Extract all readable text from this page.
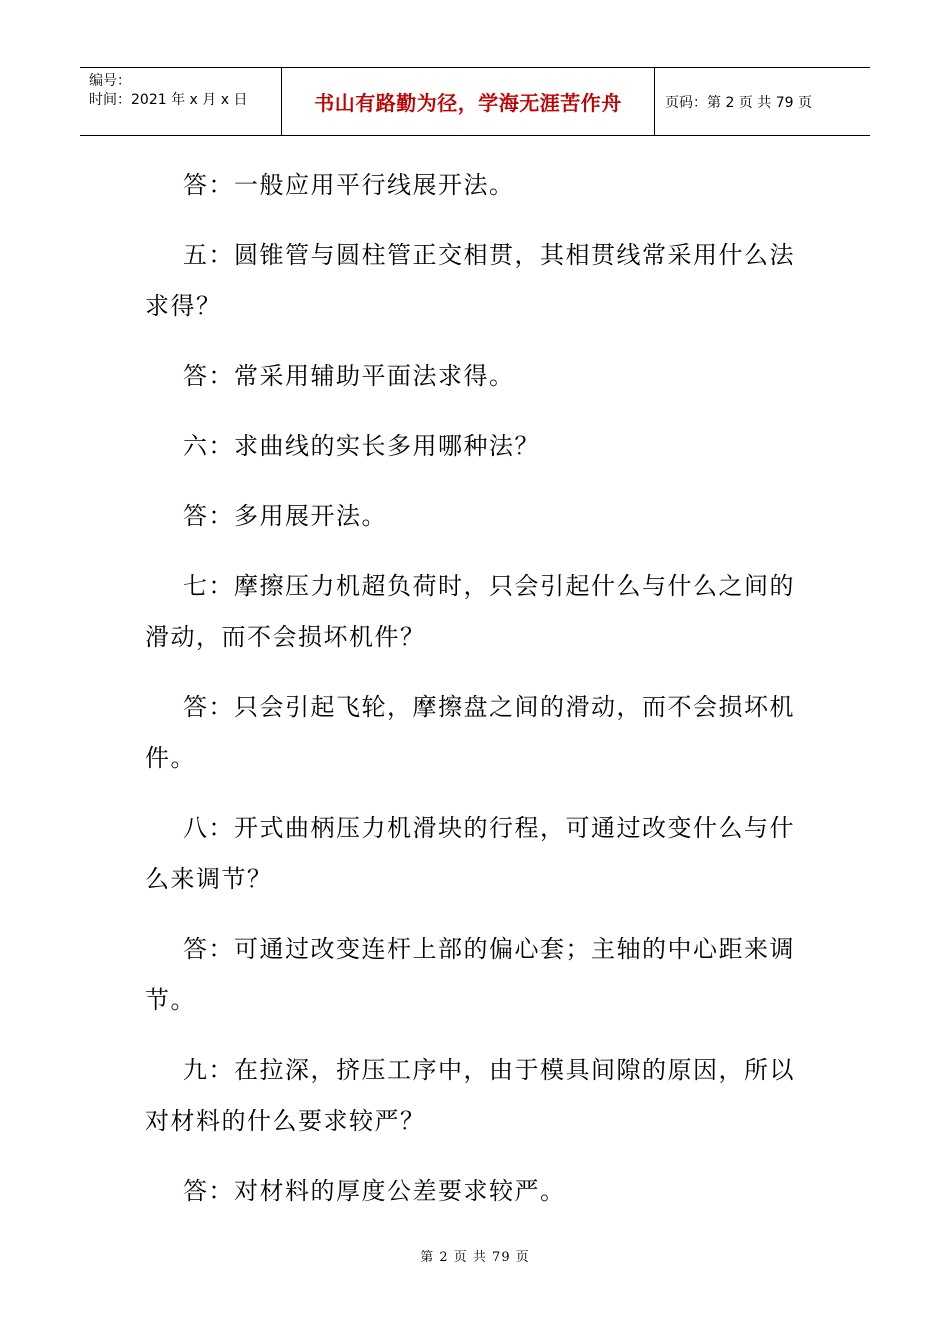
编号：
时间：2021 年 x 月 x 日	书山有路勤为径，学海无涯苦作舟	页码：第 2 页 共 79 页

答：一般应用平行线展开法。

五：圆锥管与圆柱管正交相贯，其相贯线常采用什么法求得？

答：常采用辅助平面法求得。

六：求曲线的实长多用哪种法？

答：多用展开法。

七：摩擦压力机超负荷时，只会引起什么与什么之间的滑动，而不会损坏机件？

答：只会引起飞轮，摩擦盘之间的滑动，而不会损坏机件。

八：开式曲柄压力机滑块的行程，可通过改变什么与什么来调节？

答：可通过改变连杆上部的偏心套；主轴的中心距来调节。

九：在拉深，挤压工序中，由于模具间隙的原因，所以对材料的什么要求较严？

答：对材料的厚度公差要求较严。

第 2 页 共 79 页
